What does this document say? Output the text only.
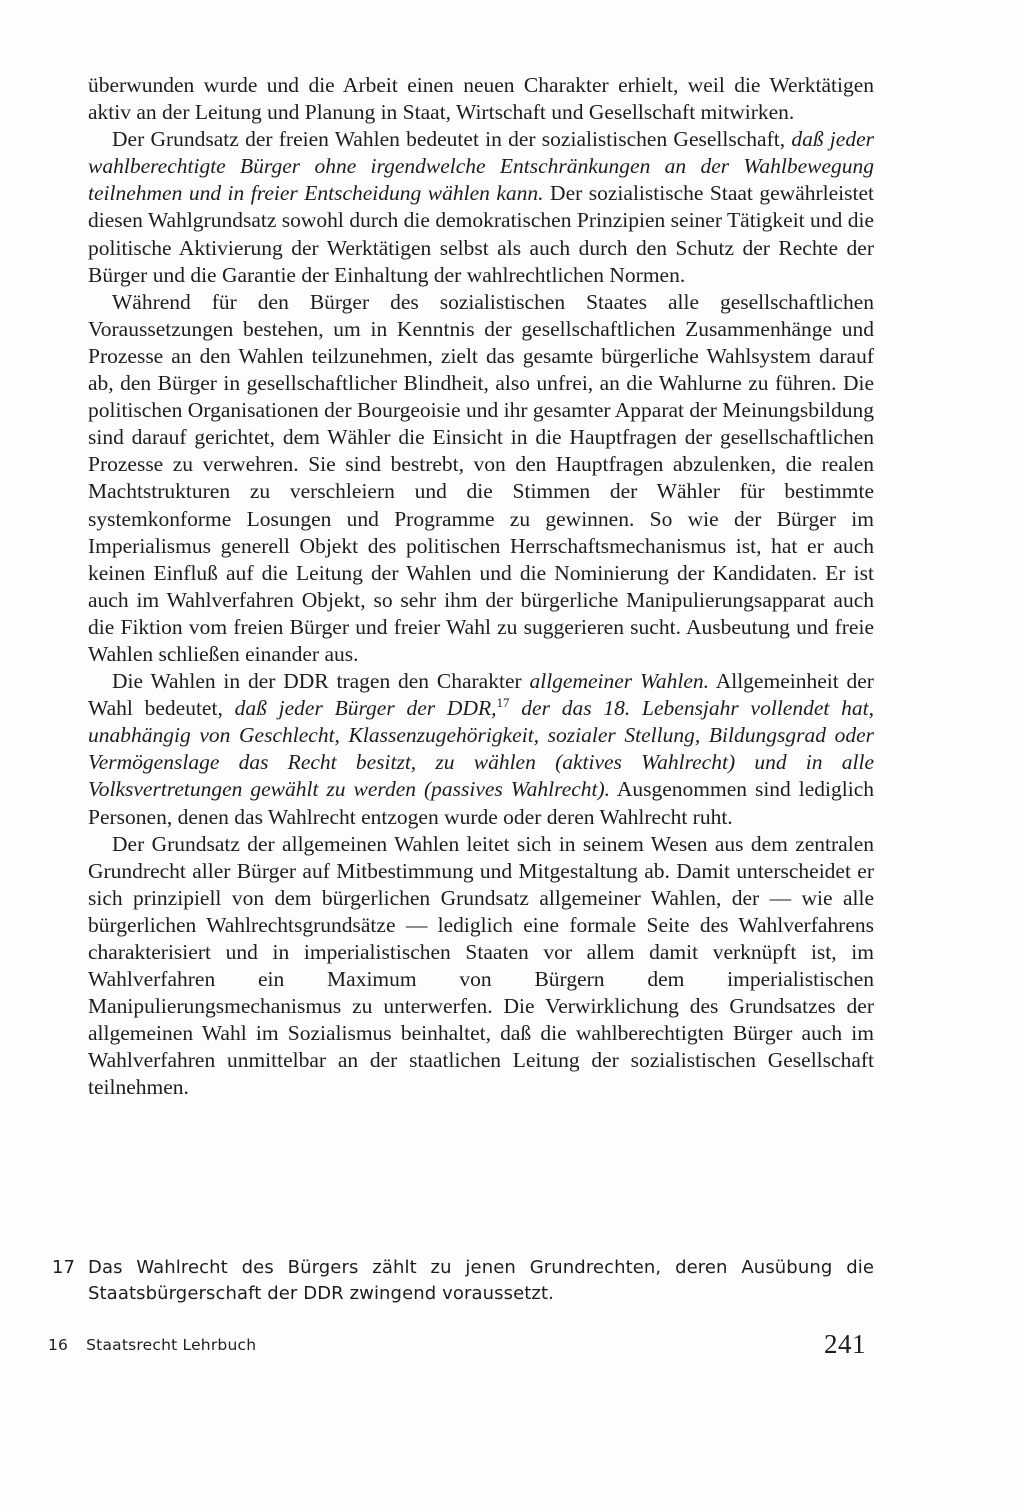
überwunden wurde und die Arbeit einen neuen Charakter erhielt, weil die Werktätigen aktiv an der Leitung und Planung in Staat, Wirtschaft und Gesellschaft mitwirken.

Der Grundsatz der freien Wahlen bedeutet in der sozialistischen Gesellschaft, daß jeder wahlberechtigte Bürger ohne irgendwelche Entschränkungen an der Wahlbewegung teilnehmen und in freier Entscheidung wählen kann. Der sozialistische Staat gewährleistet diesen Wahlgrundsatz sowohl durch die demokratischen Prinzipien seiner Tätigkeit und die politische Aktivierung der Werktätigen selbst als auch durch den Schutz der Rechte der Bürger und die Garantie der Einhaltung der wahlrechtlichen Normen.

Während für den Bürger des sozialistischen Staates alle gesellschaftlichen Voraussetzungen bestehen, um in Kenntnis der gesellschaftlichen Zusammenhänge und Prozesse an den Wahlen teilzunehmen, zielt das gesamte bürgerliche Wahlsystem darauf ab, den Bürger in gesellschaftlicher Blindheit, also unfrei, an die Wahlurne zu führen. Die politischen Organisationen der Bourgeoisie und ihr gesamter Apparat der Meinungsbildung sind darauf gerichtet, dem Wähler die Einsicht in die Hauptfragen der gesellschaftlichen Prozesse zu verwehren. Sie sind bestrebt, von den Hauptfragen abzulenken, die realen Machtstrukturen zu verschleiern und die Stimmen der Wähler für bestimmte systemkonforme Losungen und Programme zu gewinnen. So wie der Bürger im Imperialismus generell Objekt des politischen Herrschaftsmechanismus ist, hat er auch keinen Einfluß auf die Leitung der Wahlen und die Nominierung der Kandidaten. Er ist auch im Wahlverfahren Objekt, so sehr ihm der bürgerliche Manipulierungsapparat auch die Fiktion vom freien Bürger und freier Wahl zu suggerieren sucht. Ausbeutung und freie Wahlen schließen einander aus.

Die Wahlen in der DDR tragen den Charakter allgemeiner Wahlen. Allgemeinheit der Wahl bedeutet, daß jeder Bürger der DDR,$^{17}$ der das 18. Lebensjahr vollendet hat, unabhängig von Geschlecht, Klassenzugehörigkeit, sozialer Stellung, Bildungsgrad oder Vermögenslage das Recht besitzt, zu wählen (aktives Wahlrecht) und in alle Volksvertretungen gewählt zu werden (passives Wahlrecht). Ausgenommen sind lediglich Personen, denen das Wahlrecht entzogen wurde oder deren Wahlrecht ruht.

Der Grundsatz der allgemeinen Wahlen leitet sich in seinem Wesen aus dem zentralen Grundrecht aller Bürger auf Mitbestimmung und Mitgestaltung ab. Damit unterscheidet er sich prinzipiell von dem bürgerlichen Grundsatz allgemeiner Wahlen, der — wie alle bürgerlichen Wahlrechtsgrundsätze — lediglich eine formale Seite des Wahlverfahrens charakterisiert und in imperialistischen Staaten vor allem damit verknüpft ist, im Wahlverfahren ein Maximum von Bürgern dem imperialistischen Manipulierungsmechanismus zu unterwerfen. Die Verwirklichung des Grundsatzes der allgemeinen Wahl im Sozialismus beinhaltet, daß die wahlberechtigten Bürger auch im Wahlverfahren unmittelbar an der staatlichen Leitung der sozialistischen Gesellschaft teilnehmen.

17 Das Wahlrecht des Bürgers zählt zu jenen Grundrechten, deren Ausübung die Staatsbürgerschaft der DDR zwingend voraussetzt.
16 Staatsrecht Lehrbuch	241
